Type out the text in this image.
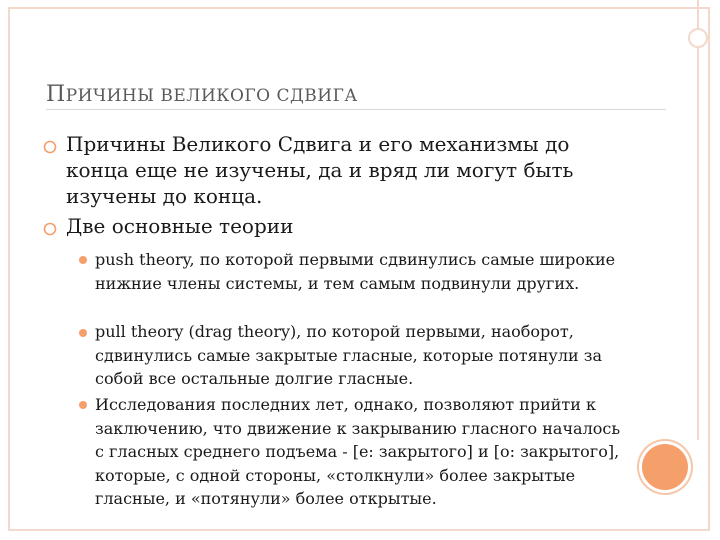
ПРИЧИНЫ ВЕЛИКОГО СДВИГА
Причины Великого Сдвига и его механизмы до конца еще не изучены, да и вряд ли могут быть изучены до конца.
Две основные теории
push theory, по которой первыми сдвинулись самые широкие нижние члены системы, и тем самым подвинули других.
pull theory (drag theory), по которой первыми, наоборот, сдвинулись самые закрытые гласные, которые потянули за собой все остальные долгие гласные.
Исследования последних лет, однако, позволяют прийти к заключению, что движение к закрыванию гласного началось с гласных среднего подъема - [e: закрытого] и [o: закрытого], которые, с одной стороны, «столкнули» более закрытые гласные, и «потянули» более открытые.
